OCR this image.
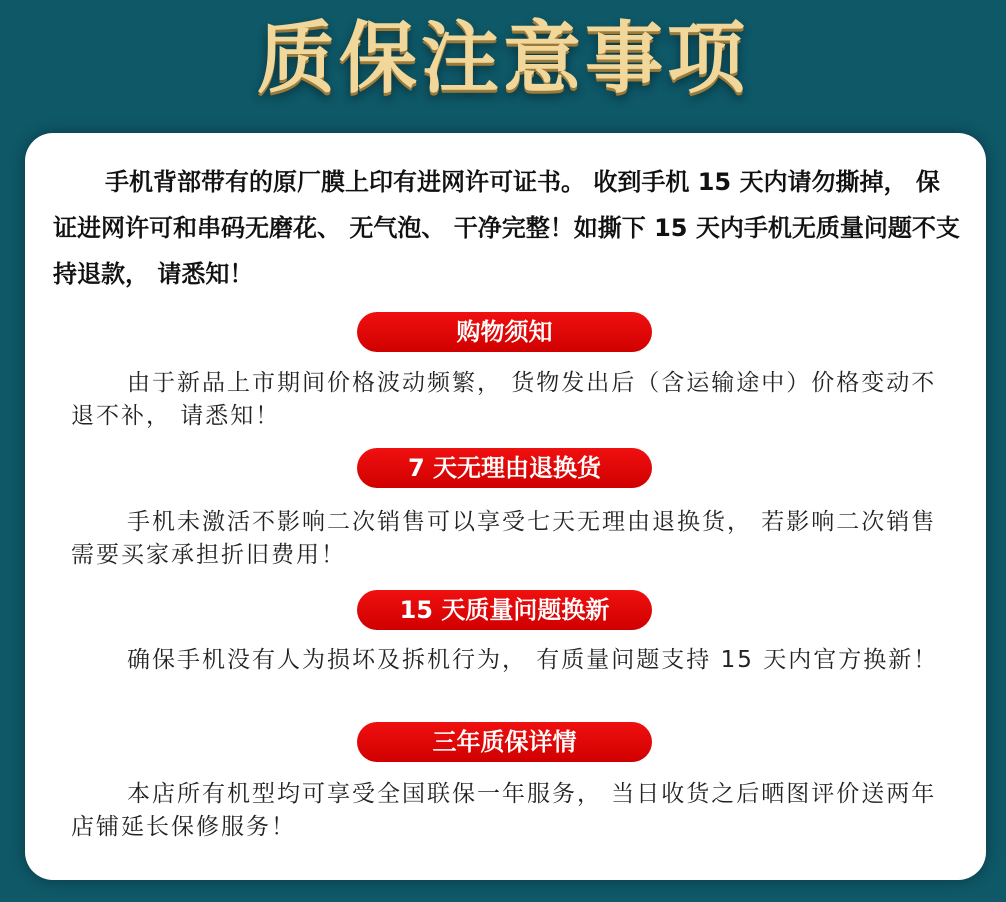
质保注意事项

手机背部带有的原厂膜上印有进网许可证书。 收到手机 15 天内请勿撕掉， 保证进网许可和串码无磨花、 无气泡、 干净完整！如撕下 15 天内手机无质量问题不支持退款， 请悉知！

购物须知

由于新品上市期间价格波动频繁， 货物发出后（含运输途中）价格变动不退不补， 请悉知！

7 天无理由退换货

手机未激活不影响二次销售可以享受七天无理由退换货， 若影响二次销售需要买家承担折旧费用！

15 天质量问题换新

确保手机没有人为损坏及拆机行为， 有质量问题支持 15 天内官方换新！

三年质保详情

本店所有机型均可享受全国联保一年服务， 当日收货之后晒图评价送两年店铺延长保修服务！
